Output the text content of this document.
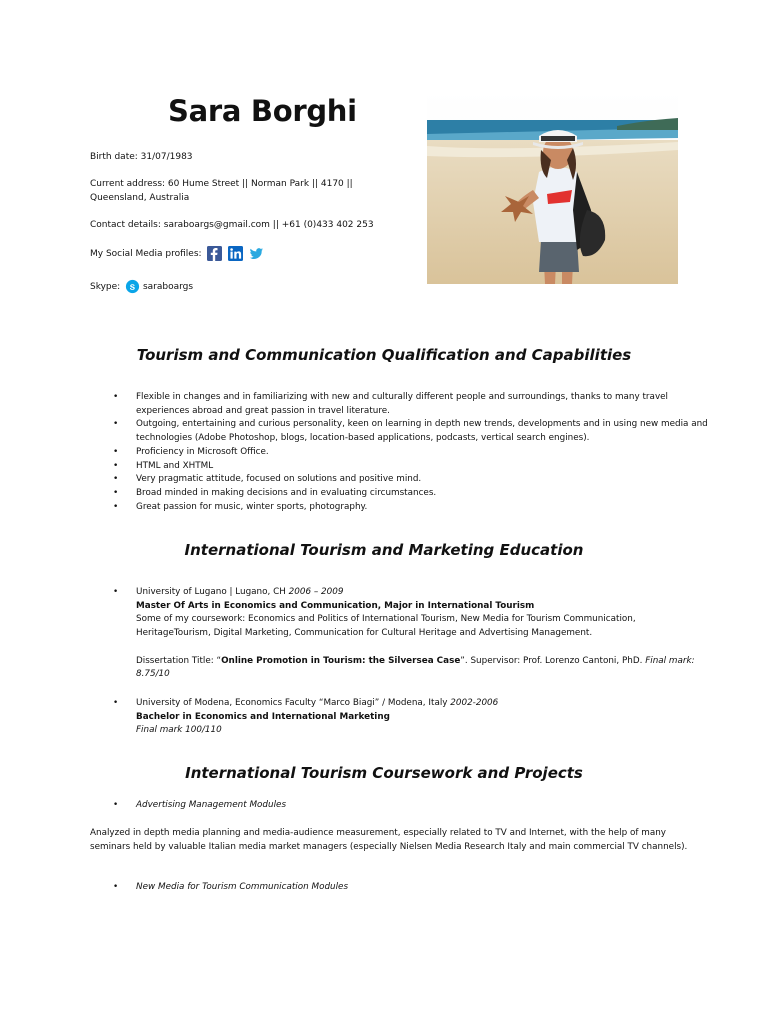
Sara Borghi
Birth date: 31/07/1983
Current address: 60 Hume Street || Norman Park || 4170 ||
Queensland, Australia
Contact details: saraboargs@gmail.com || +61 (0)433 402 253
My Social Media profiles:
Skype:	saraboargs
Tourism and Communication Qualification and Capabilities
• Flexible in changes and in familiarizing with new and culturally different people and surroundings, thanks to many travel experiences abroad and great passion in travel literature.
• Outgoing, entertaining and curious personality, keen on learning in depth new trends, developments and in using new media and technologies (Adobe Photoshop, blogs, location-based applications, podcasts, vertical search engines).
• Proficiency in Microsoft Office.
• HTML and XHTML
• Very pragmatic attitude, focused on solutions and positive mind.
• Broad minded in making decisions and in evaluating circumstances.
• Great passion for music, winter sports, photography.
International Tourism and Marketing Education
• University of Lugano | Lugano, CH 2006 – 2009
Master Of Arts in Economics and Communication, Major in International Tourism
Some of my coursework: Economics and Politics of International Tourism, New Media for Tourism Communication, HeritageTourism, Digital Marketing, Communication for Cultural Heritage and Advertising Management.
Dissertation Title: “Online Promotion in Tourism: the Silversea Case”. Supervisor: Prof. Lorenzo Cantoni, PhD. Final mark: 8.75/10
• University of Modena, Economics Faculty “Marco Biagi” / Modena, Italy 2002-2006
Bachelor in Economics and International Marketing
Final mark 100/110
International Tourism Coursework and Projects
• Advertising Management Modules
Analyzed in depth media planning and media-audience measurement, especially related to TV and Internet, with the help of many seminars held by valuable Italian media market managers (especially Nielsen Media Research Italy and main commercial TV channels).
• New Media for Tourism Communication Modules
